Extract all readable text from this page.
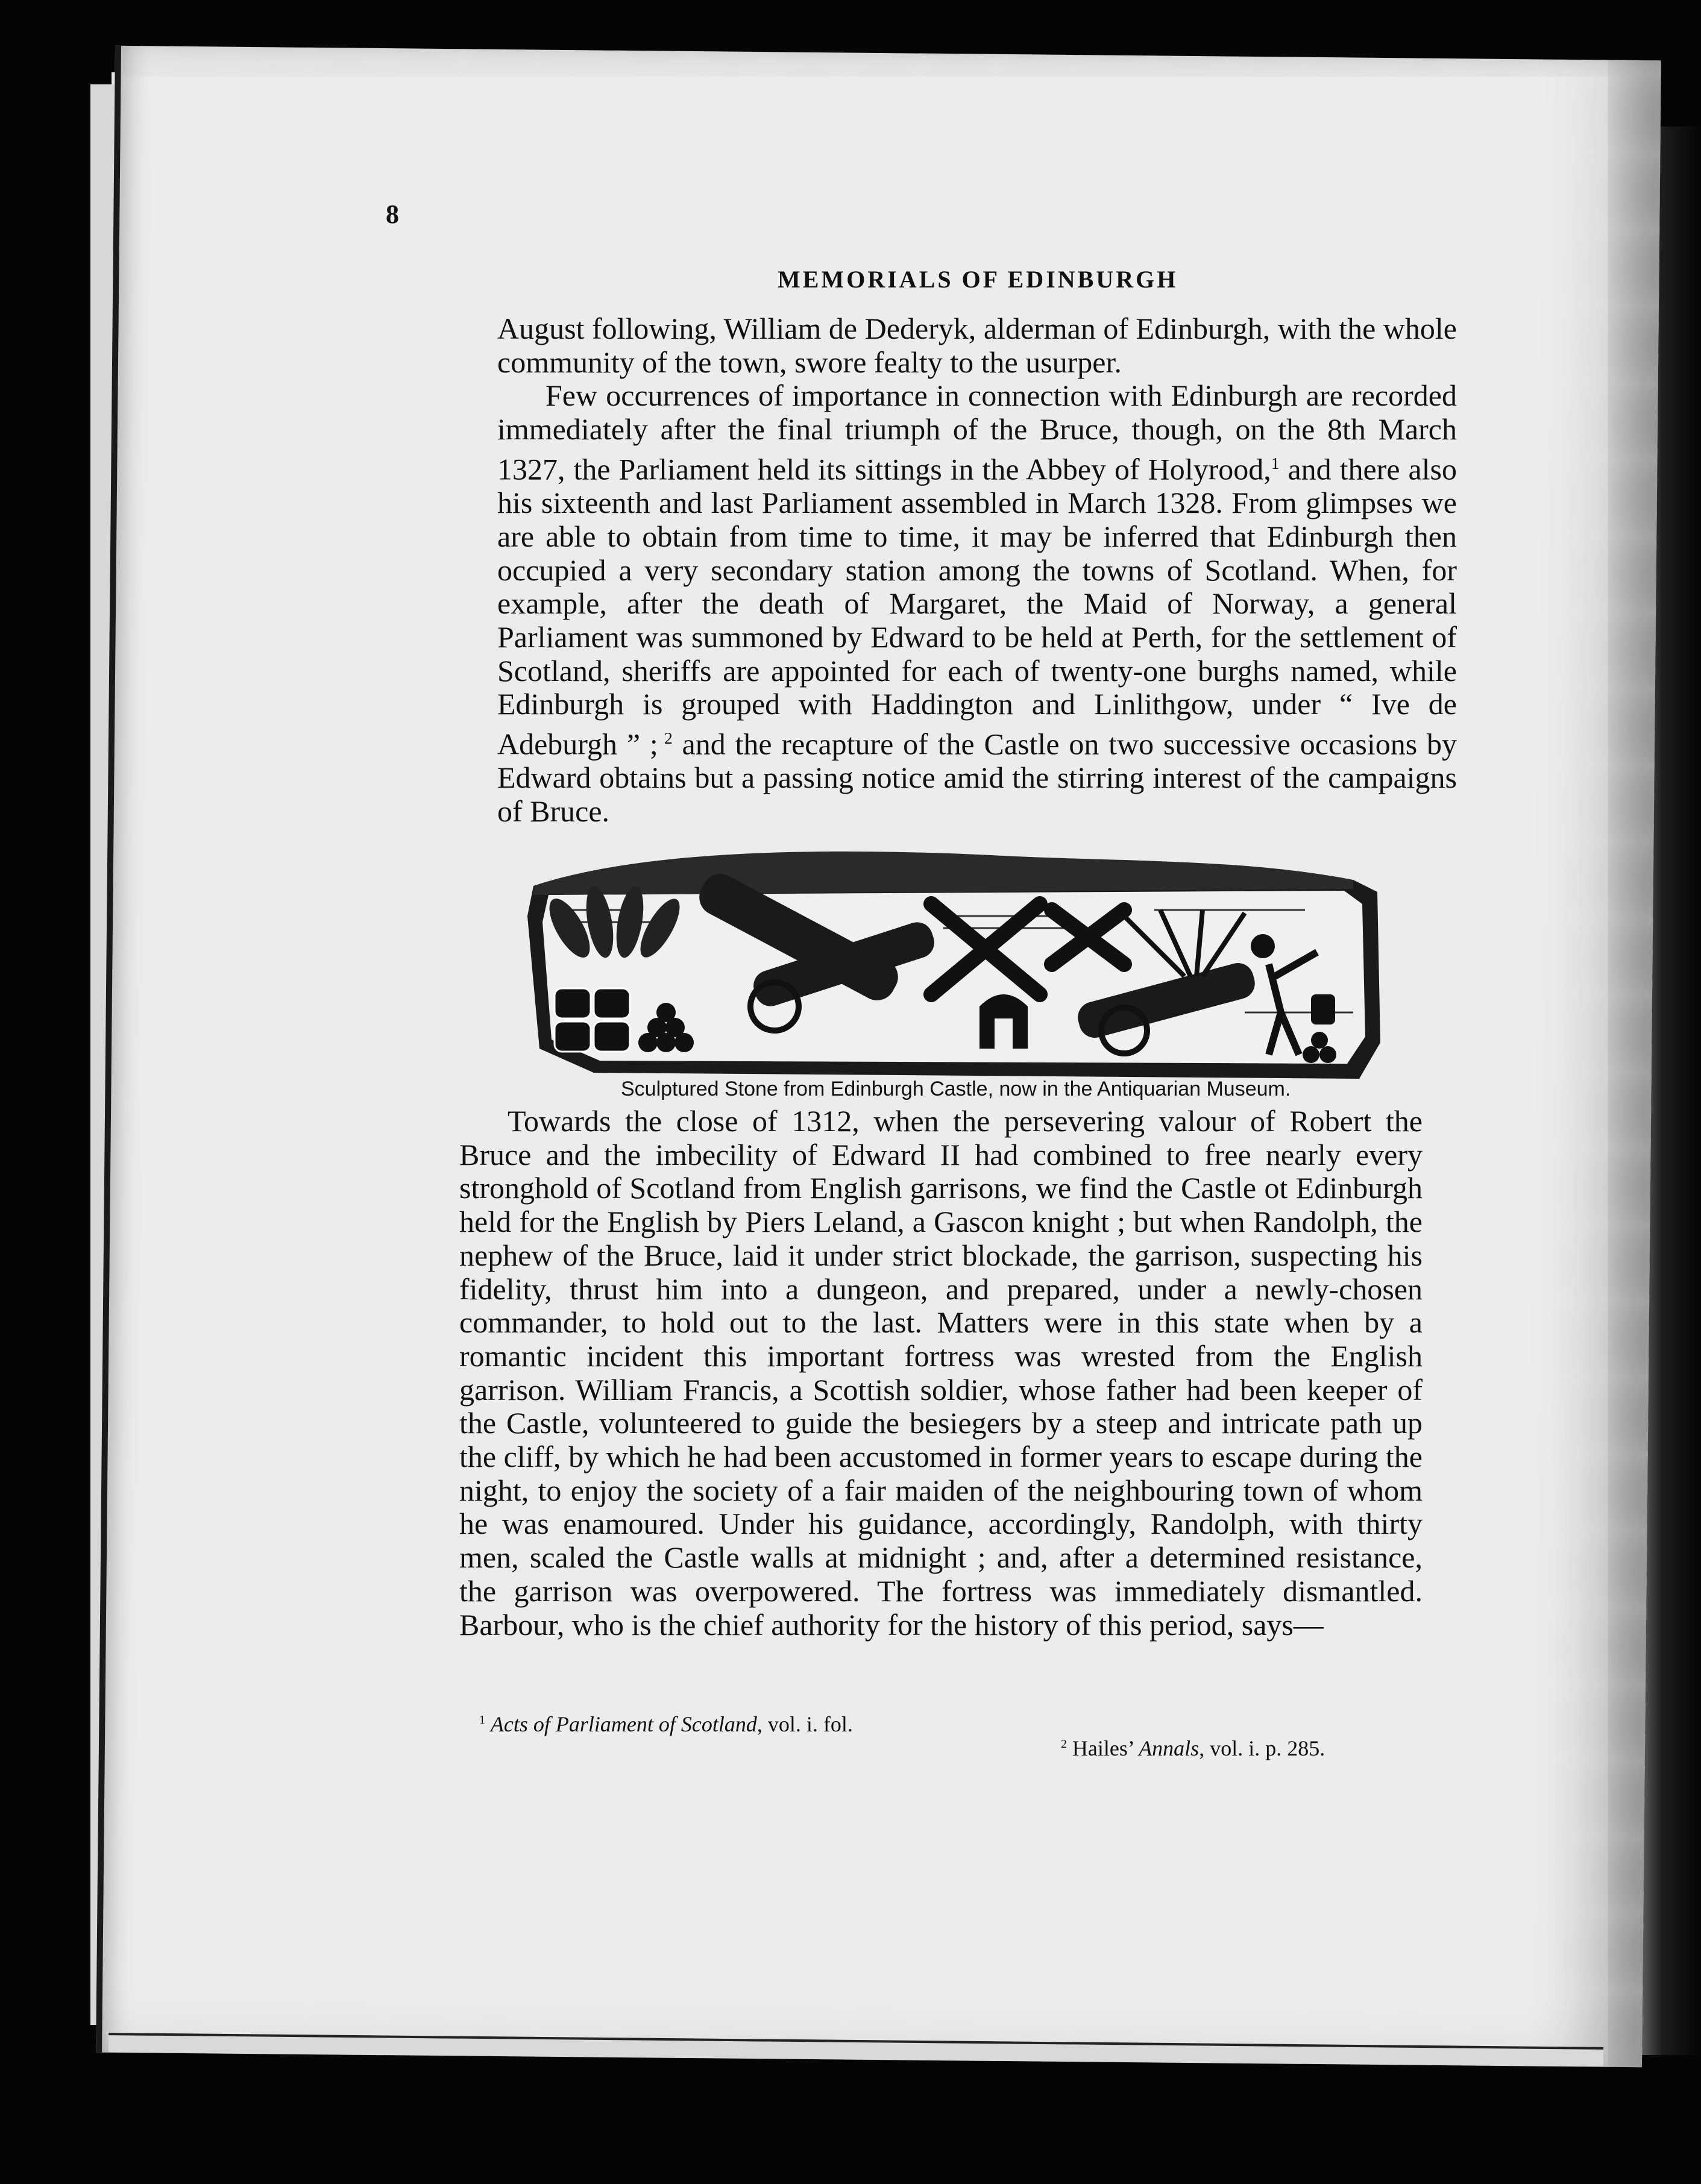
8
MEMORIALS OF EDINBURGH

August following, William de Dederyk, alderman of Edinburgh, with the whole community of the town, swore fealty to the usurper.

Few occurrences of importance in connection with Edinburgh are recorded immediately after the final triumph of the Bruce, though, on the 8th March 1327, the Parliament held its sittings in the Abbey of Holyrood,$^1$ and there also his sixteenth and last Parliament assembled in March 1328. From glimpses we are able to obtain from time to time, it may be inferred that Edinburgh then occupied a very secondary station among the towns of Scotland. When, for example, after the death of Margaret, the Maid of Norway, a general Parliament was summoned by Edward to be held at Perth, for the settlement of Scotland, sheriffs are appointed for each of twenty-one burghs named, while Edinburgh is grouped with Haddington and Linlithgow, under “ Ive de Adeburgh ” ; $^2$ and the recapture of the Castle on two successive occasions by Edward obtains but a passing notice amid the stirring interest of the campaigns of Bruce.

Sculptured Stone from Edinburgh Castle, now in the Antiquarian Museum.

Towards the close of 1312, when the persevering valour of Robert the Bruce and the imbecility of Edward II had combined to free nearly every stronghold of Scotland from English garrisons, we find the Castle ot Edinburgh held for the English by Piers Leland, a Gascon knight ; but when Randolph, the nephew of the Bruce, laid it under strict blockade, the garrison, suspecting his fidelity, thrust him into a dungeon, and prepared, under a newly-chosen commander, to hold out to the last. Matters were in this state when by a romantic incident this important fortress was wrested from the English garrison. William Francis, a Scottish soldier, whose father had been keeper of the Castle, volunteered to guide the besiegers by a steep and intricate path up the cliff, by which he had been accustomed in former years to escape during the night, to enjoy the society of a fair maiden of the neighbouring town of whom he was enamoured. Under his guidance, accordingly, Randolph, with thirty men, scaled the Castle walls at midnight ; and, after a determined resistance, the garrison was overpowered. The fortress was immediately dismantled. Barbour, who is the chief authority for the history of this period, says—

$^1$ Acts of Parliament of Scotland, vol. i. fol.
$^2$ Hailes’ Annals, vol. i. p. 285.
